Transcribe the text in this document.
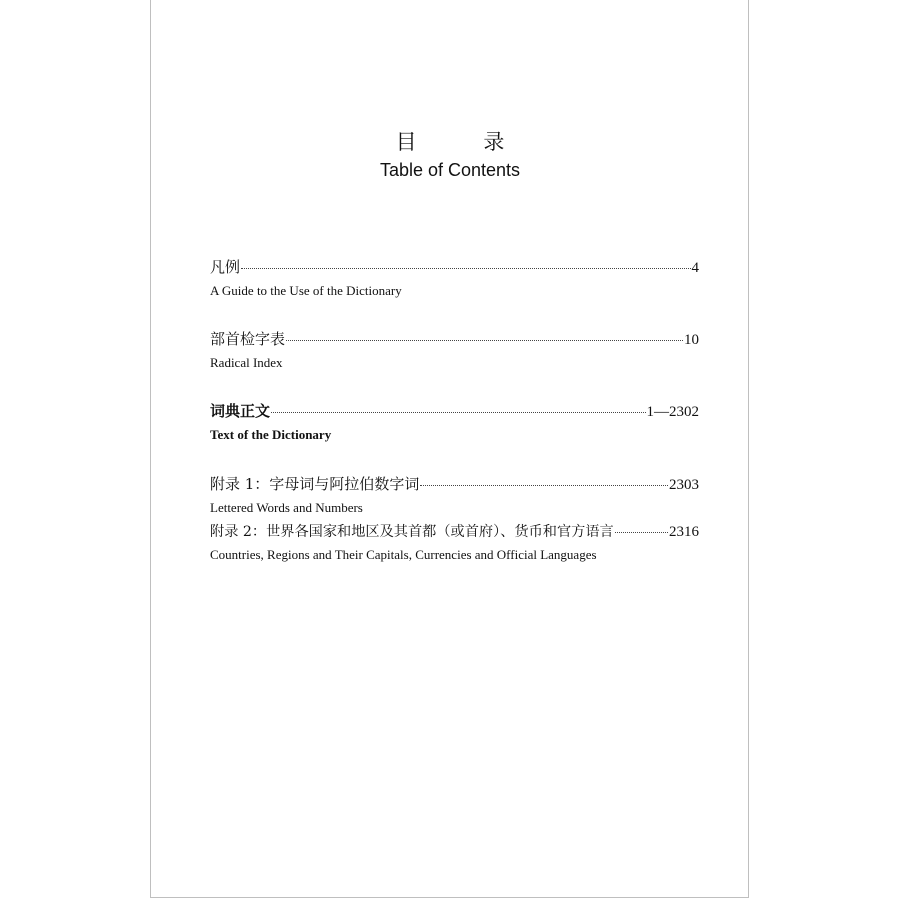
目 录
Table of Contents
凡例	4
A Guide to the Use of the Dictionary
部首检字表	10
Radical Index
词典正文	1—2302
Text of the Dictionary
附录 1：字母词与阿拉伯数字词	2303
Lettered Words and Numbers
附录 2：世界各国家和地区及其首都（或首府）、货币和官方语言	2316
Countries, Regions and Their Capitals, Currencies and Official Languages
